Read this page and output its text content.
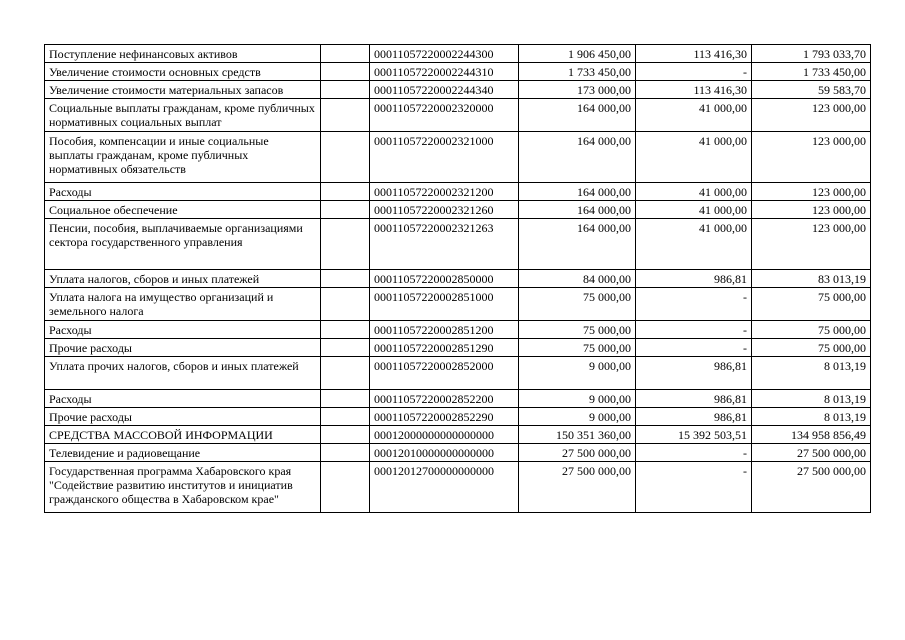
Поступление нефинансовых активов		00011057220002244300	1 906 450,00	113 416,30	1 793 033,70
Увеличение стоимости основных средств		00011057220002244310	1 733 450,00	-	1 733 450,00
Увеличение стоимости материальных запасов		00011057220002244340	173 000,00	113 416,30	59 583,70
Социальные выплаты гражданам, кроме публичных нормативных социальных выплат		00011057220002320000	164 000,00	41 000,00	123 000,00
Пособия, компенсации и иные социальные выплаты гражданам, кроме публичных нормативных обязательств		00011057220002321000	164 000,00	41 000,00	123 000,00
Расходы		00011057220002321200	164 000,00	41 000,00	123 000,00
Социальное обеспечение		00011057220002321260	164 000,00	41 000,00	123 000,00
Пенсии, пособия, выплачиваемые организациями сектора государственного управления		00011057220002321263	164 000,00	41 000,00	123 000,00
Уплата налогов, сборов и иных платежей		00011057220002850000	84 000,00	986,81	83 013,19
Уплата налога на имущество организаций и земельного налога		00011057220002851000	75 000,00	-	75 000,00
Расходы		00011057220002851200	75 000,00	-	75 000,00
Прочие расходы		00011057220002851290	75 000,00	-	75 000,00
Уплата прочих налогов, сборов и иных платежей		00011057220002852000	9 000,00	986,81	8 013,19
Расходы		00011057220002852200	9 000,00	986,81	8 013,19
Прочие расходы		00011057220002852290	9 000,00	986,81	8 013,19
СРЕДСТВА МАССОВОЙ ИНФОРМАЦИИ		00012000000000000000	150 351 360,00	15 392 503,51	134 958 856,49
Телевидение и радиовещание		00012010000000000000	27 500 000,00	-	27 500 000,00
Государственная программа Хабаровского края "Содействие развитию институтов и инициатив гражданского общества в Хабаровском крае"		00012012700000000000	27 500 000,00	-	27 500 000,00
